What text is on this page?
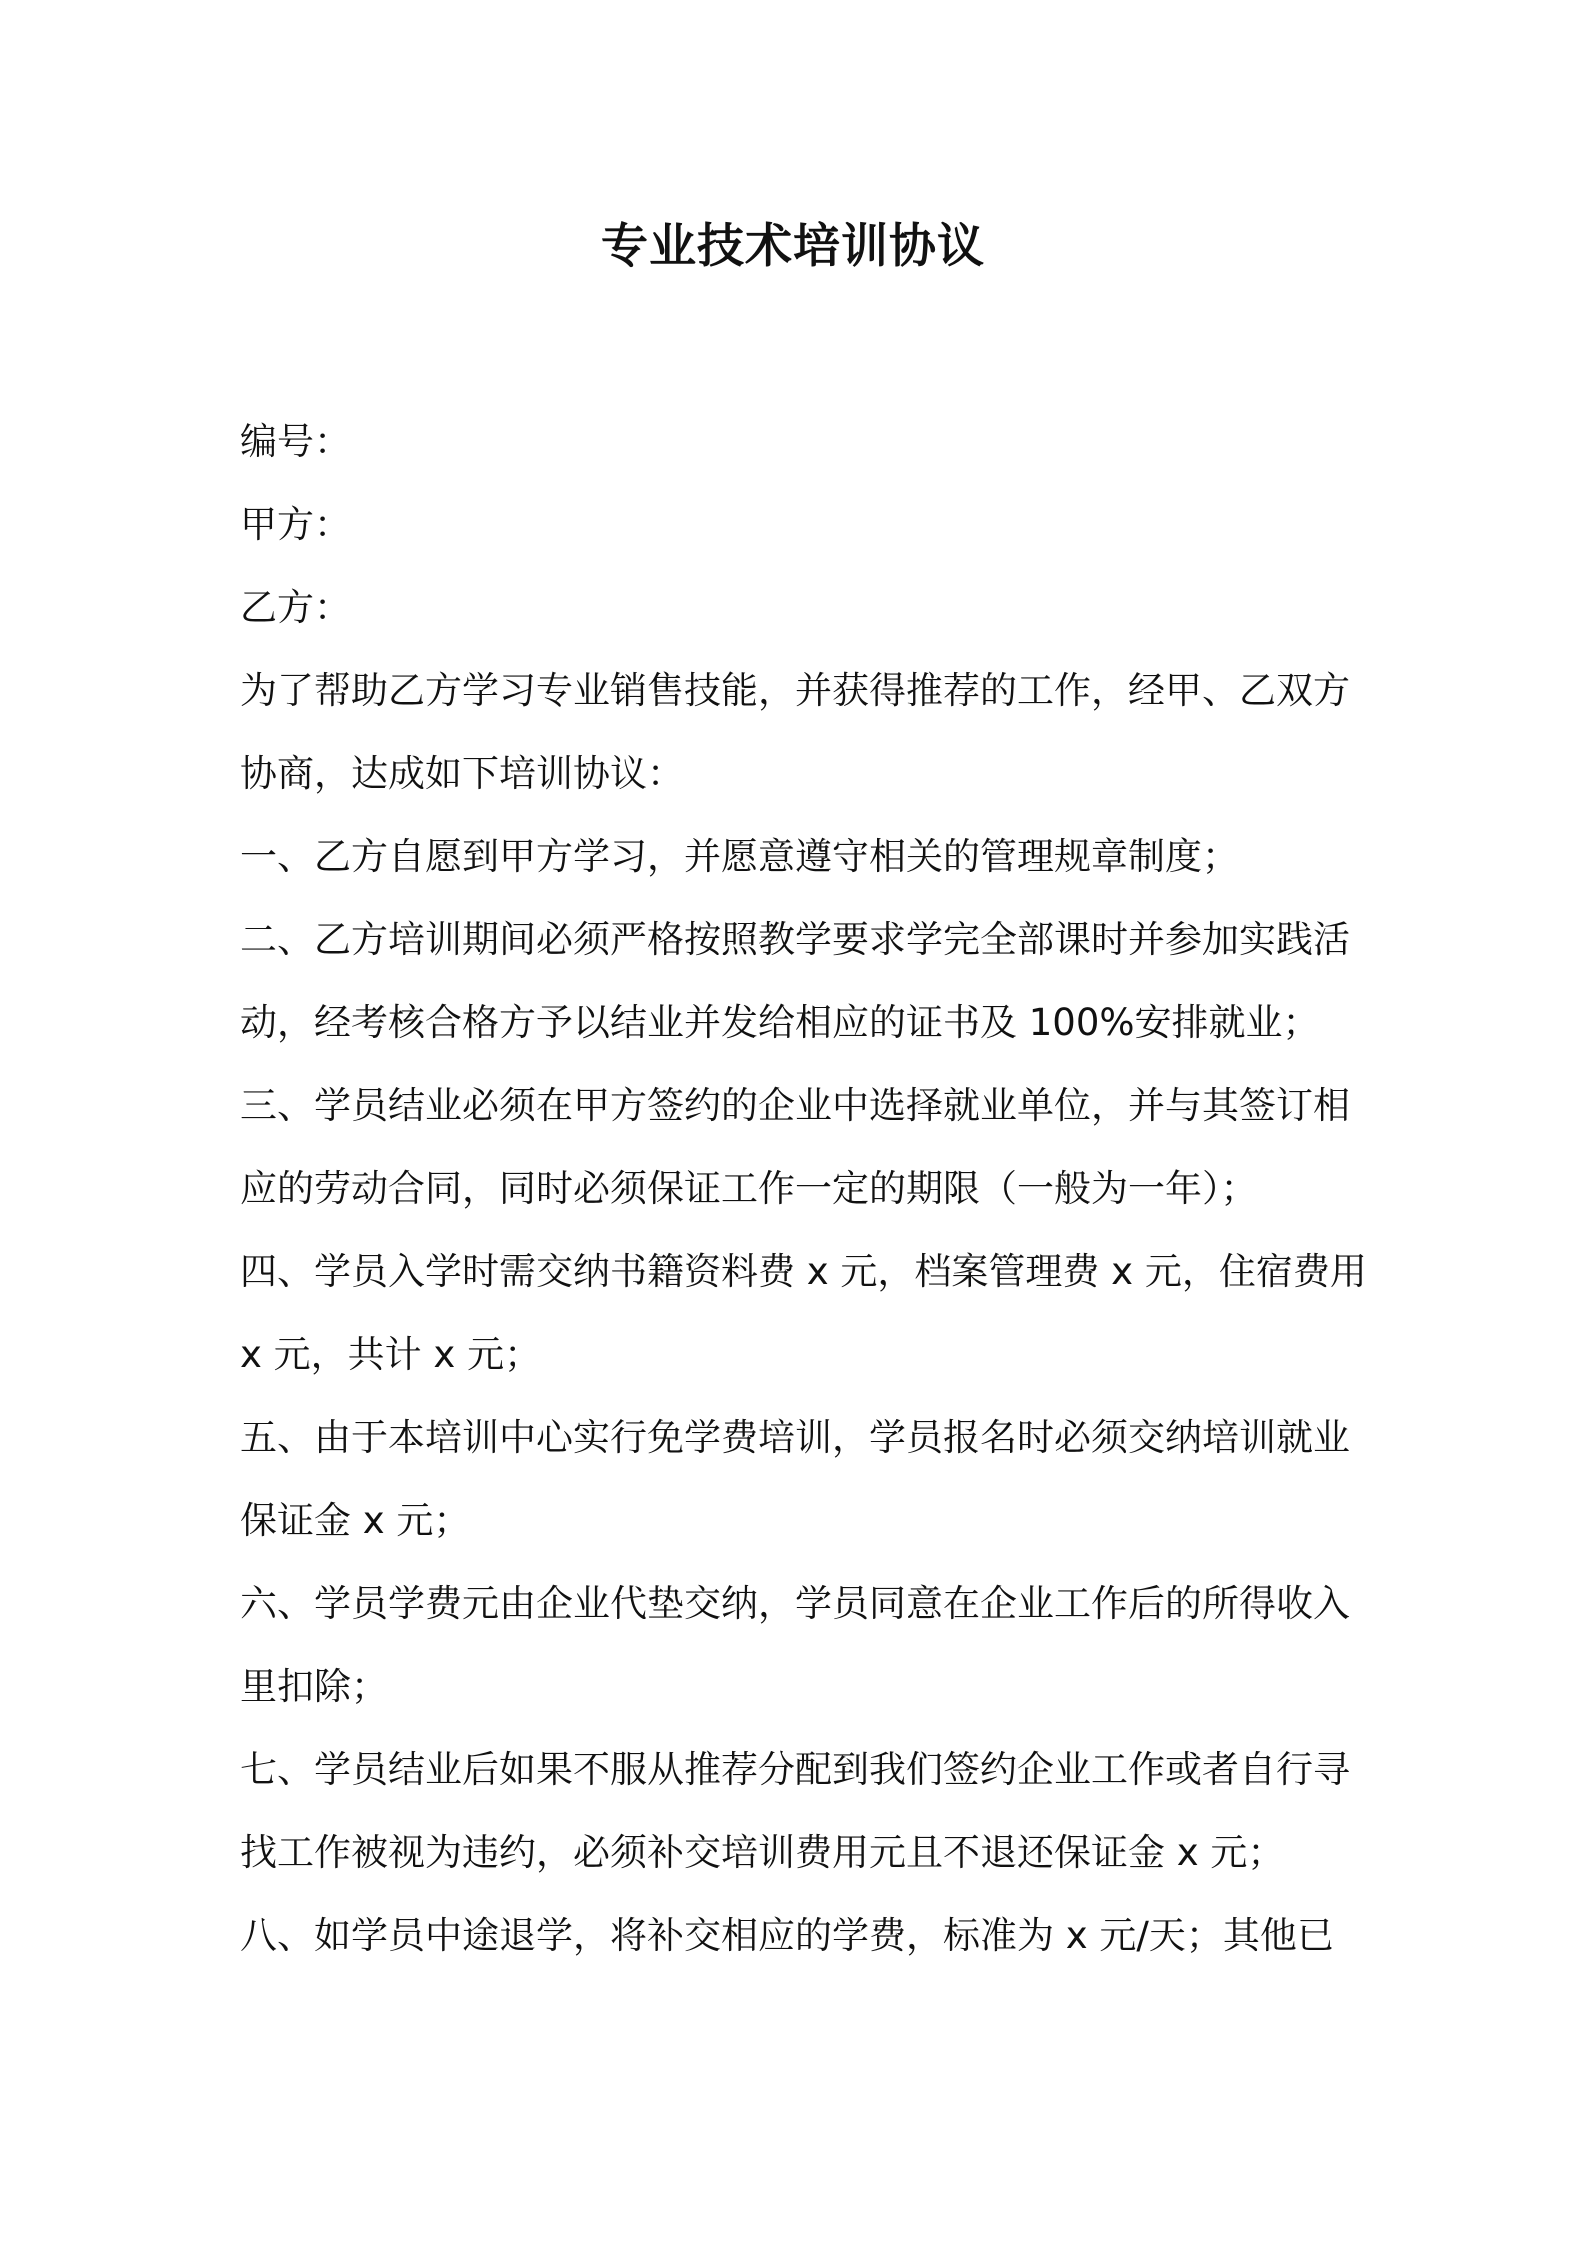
专业技术培训协议
编号：
甲方：
乙方：
为了帮助乙方学习专业销售技能，并获得推荐的工作，经甲、乙双方
协商，达成如下培训协议：
一、乙方自愿到甲方学习，并愿意遵守相关的管理规章制度；
二、乙方培训期间必须严格按照教学要求学完全部课时并参加实践活
动，经考核合格方予以结业并发给相应的证书及 100%安排就业；
三、学员结业必须在甲方签约的企业中选择就业单位，并与其签订相
应的劳动合同，同时必须保证工作一定的期限（一般为一年）；
四、学员入学时需交纳书籍资料费 x 元，档案管理费 x 元，住宿费用
x 元，共计 x 元；
五、由于本培训中心实行免学费培训，学员报名时必须交纳培训就业
保证金 x 元；
六、学员学费元由企业代垫交纳，学员同意在企业工作后的所得收入
里扣除；
七、学员结业后如果不服从推荐分配到我们签约企业工作或者自行寻
找工作被视为违约，必须补交培训费用元且不退还保证金 x 元；
八、如学员中途退学，将补交相应的学费，标准为 x 元/天；其他已
